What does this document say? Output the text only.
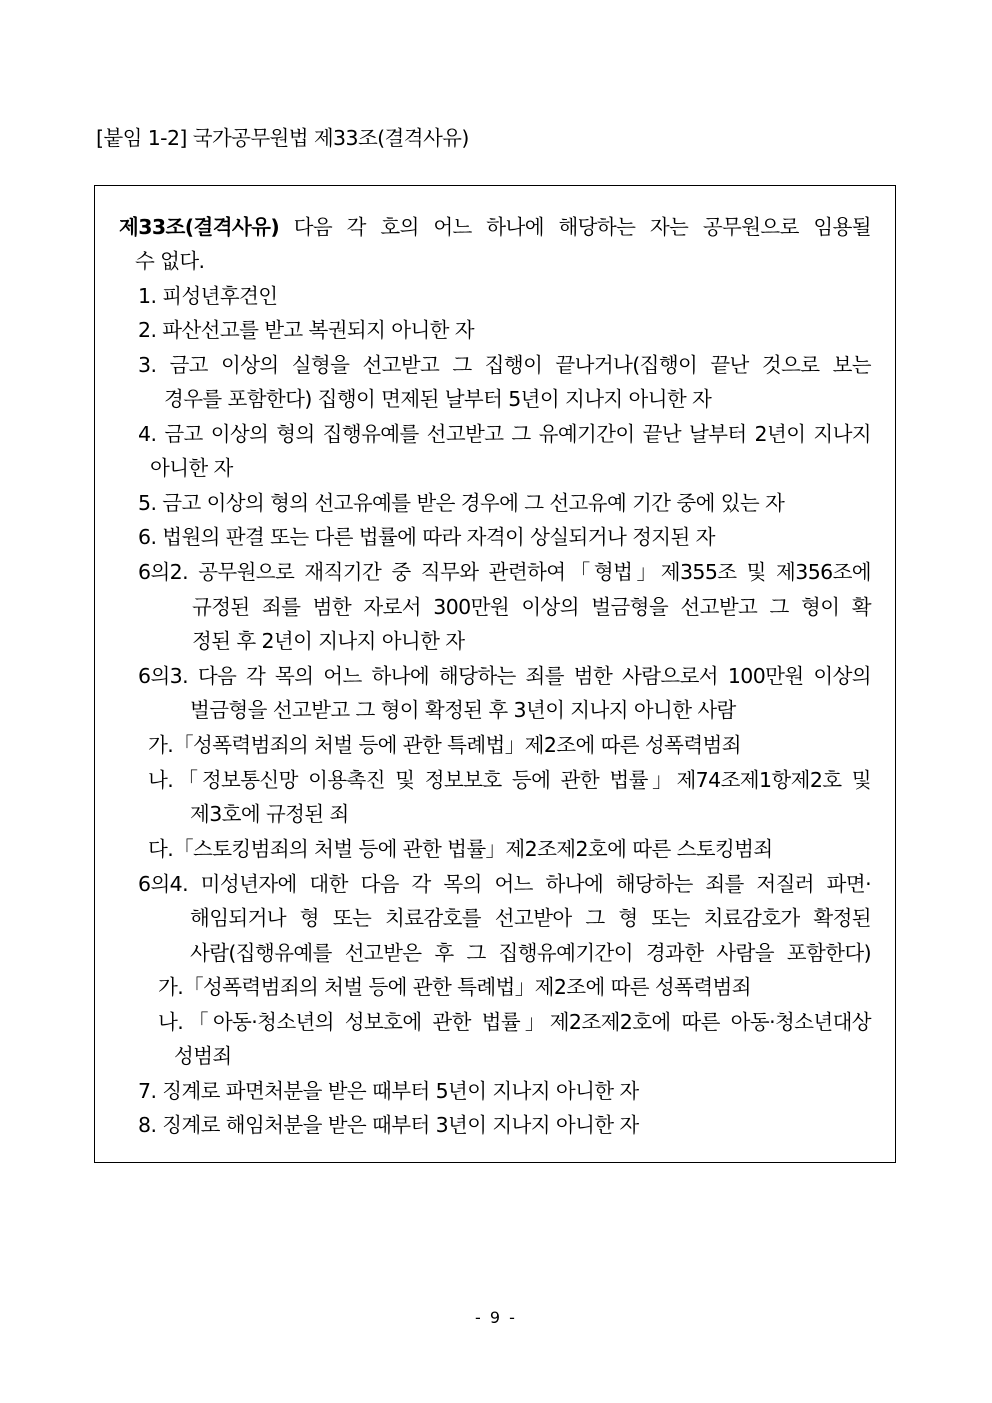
[붙임 1-2] 국가공무원법 제33조(결격사유)
제33조(결격사유) 다음 각 호의 어느 하나에 해당하는 자는 공무원으로 임용될
수 없다.
1. 피성년후견인
2. 파산선고를 받고 복권되지 아니한 자
3. 금고 이상의 실형을 선고받고 그 집행이 끝나거나(집행이 끝난 것으로 보는
경우를 포함한다) 집행이 면제된 날부터 5년이 지나지 아니한 자
4. 금고 이상의 형의 집행유예를 선고받고 그 유예기간이 끝난 날부터 2년이 지나지
아니한 자
5. 금고 이상의 형의 선고유예를 받은 경우에 그 선고유예 기간 중에 있는 자
6. 법원의 판결 또는 다른 법률에 따라 자격이 상실되거나 정지된 자
6의2. 공무원으로 재직기간 중 직무와 관련하여「형법」제355조 및 제356조에
규정된 죄를 범한 자로서 300만원 이상의 벌금형을 선고받고 그 형이 확
정된 후 2년이 지나지 아니한 자
6의3. 다음 각 목의 어느 하나에 해당하는 죄를 범한 사람으로서 100만원 이상의
벌금형을 선고받고 그 형이 확정된 후 3년이 지나지 아니한 사람
가.「성폭력범죄의 처벌 등에 관한 특례법」제2조에 따른 성폭력범죄
나.「정보통신망 이용촉진 및 정보보호 등에 관한 법률」제74조제1항제2호 및
제3호에 규정된 죄
다.「스토킹범죄의 처벌 등에 관한 법률」제2조제2호에 따른 스토킹범죄
6의4. 미성년자에 대한 다음 각 목의 어느 하나에 해당하는 죄를 저질러 파면·
해임되거나 형 또는 치료감호를 선고받아 그 형 또는 치료감호가 확정된
사람(집행유예를 선고받은 후 그 집행유예기간이 경과한 사람을 포함한다)
가.「성폭력범죄의 처벌 등에 관한 특례법」제2조에 따른 성폭력범죄
나.「아동·청소년의 성보호에 관한 법률」제2조제2호에 따른 아동·청소년대상
성범죄
7. 징계로 파면처분을 받은 때부터 5년이 지나지 아니한 자
8. 징계로 해임처분을 받은 때부터 3년이 지나지 아니한 자
- 9 -
